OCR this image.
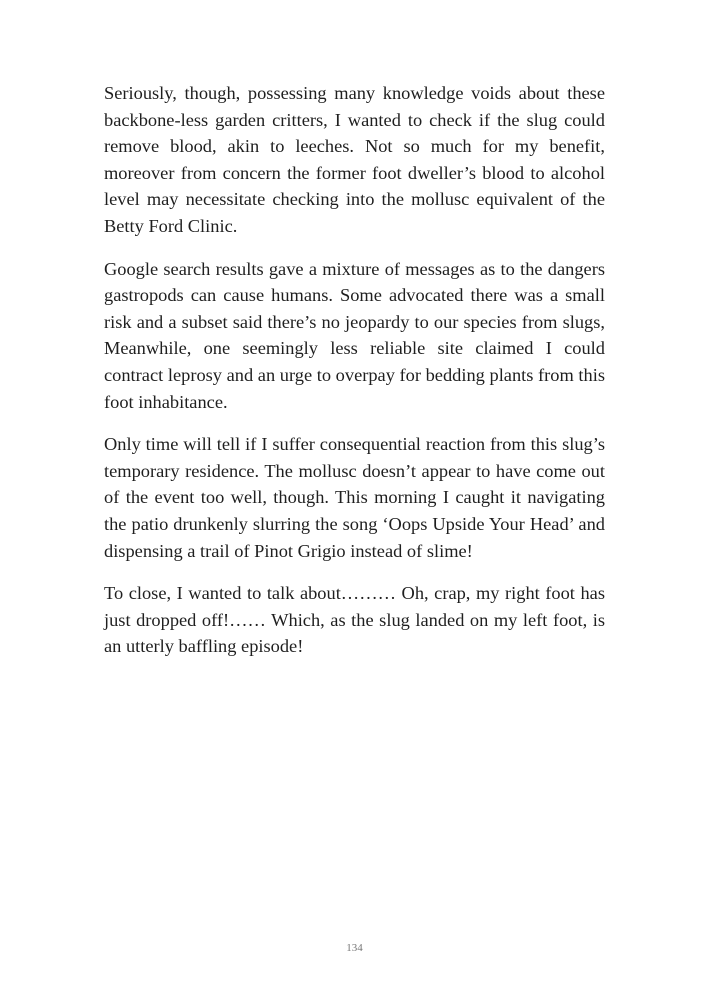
Seriously, though, possessing many knowledge voids about these backbone-less garden critters, I wanted to check if the slug could remove blood, akin to leeches. Not so much for my benefit, moreover from concern the former foot dweller’s blood to alcohol level may necessitate checking into the mollusc equivalent of the Betty Ford Clinic.

Google search results gave a mixture of messages as to the dangers gastropods can cause humans. Some advocated there was a small risk and a subset said there’s no jeopardy to our species from slugs, Meanwhile, one seemingly less reliable site claimed I could contract leprosy and an urge to overpay for bedding plants from this foot inhabitance.

Only time will tell if I suffer consequential reaction from this slug’s temporary residence. The mollusc doesn’t appear to have come out of the event too well, though. This morning I caught it navigating the patio drunkenly slurring the song ‘Oops Upside Your Head’ and dispensing a trail of Pinot Grigio instead of slime!

To close, I wanted to talk about……… Oh, crap, my right foot has just dropped off!…… Which, as the slug landed on my left foot, is an utterly baffling episode!

134
